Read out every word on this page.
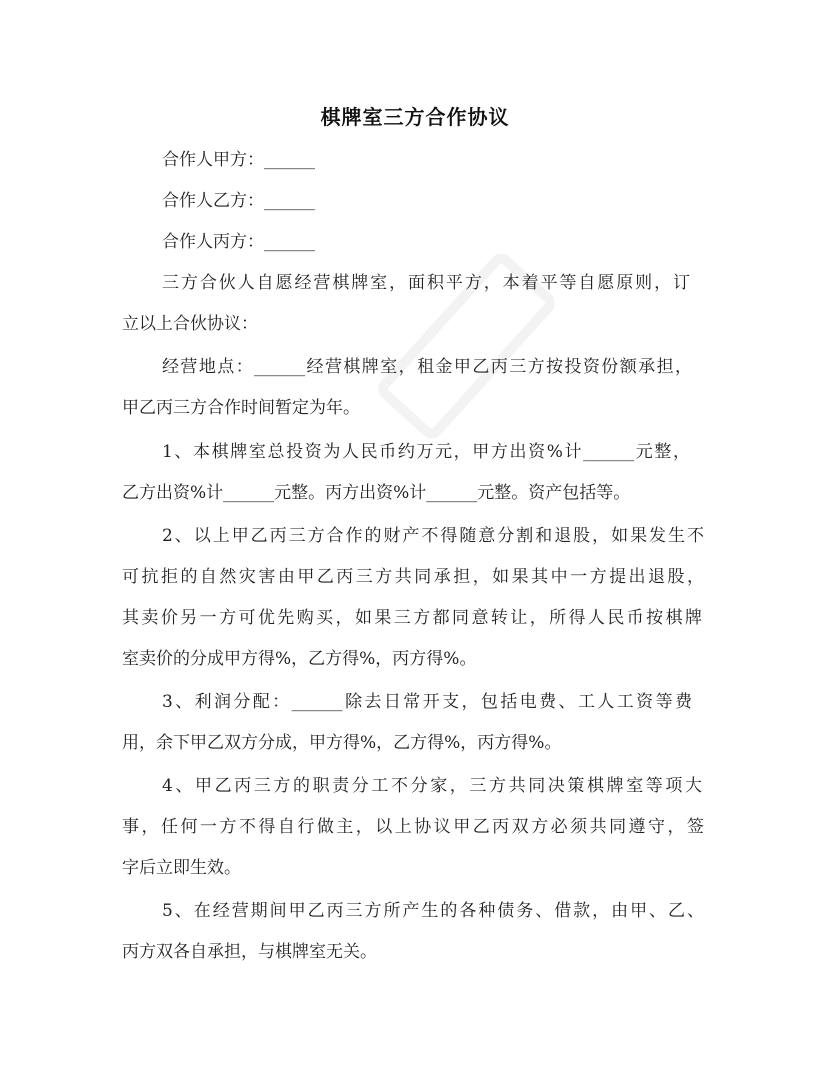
棋牌室三方合作协议
合作人甲方：______
合作人乙方：______
合作人丙方：______
三方合伙人自愿经营棋牌室，面积平方，本着平等自愿原则，订
立以上合伙协议：
经营地点：______经营棋牌室，租金甲乙丙三方按投资份额承担，
甲乙丙三方合作时间暂定为年。
1、本棋牌室总投资为人民币约万元，甲方出资%计______元整，
乙方出资%计______元整。丙方出资%计______元整。资产包括等。
2、以上甲乙丙三方合作的财产不得随意分割和退股，如果发生不
可抗拒的自然灾害由甲乙丙三方共同承担，如果其中一方提出退股，
其卖价另一方可优先购买，如果三方都同意转让，所得人民币按棋牌
室卖价的分成甲方得%，乙方得%，丙方得%。
3、利润分配：______除去日常开支，包括电费、工人工资等费
用，余下甲乙双方分成，甲方得%，乙方得%，丙方得%。
4、甲乙丙三方的职责分工不分家，三方共同决策棋牌室等项大
事，任何一方不得自行做主，以上协议甲乙丙双方必须共同遵守，签
字后立即生效。
5、在经营期间甲乙丙三方所产生的各种债务、借款，由甲、乙、
丙方双各自承担，与棋牌室无关。
